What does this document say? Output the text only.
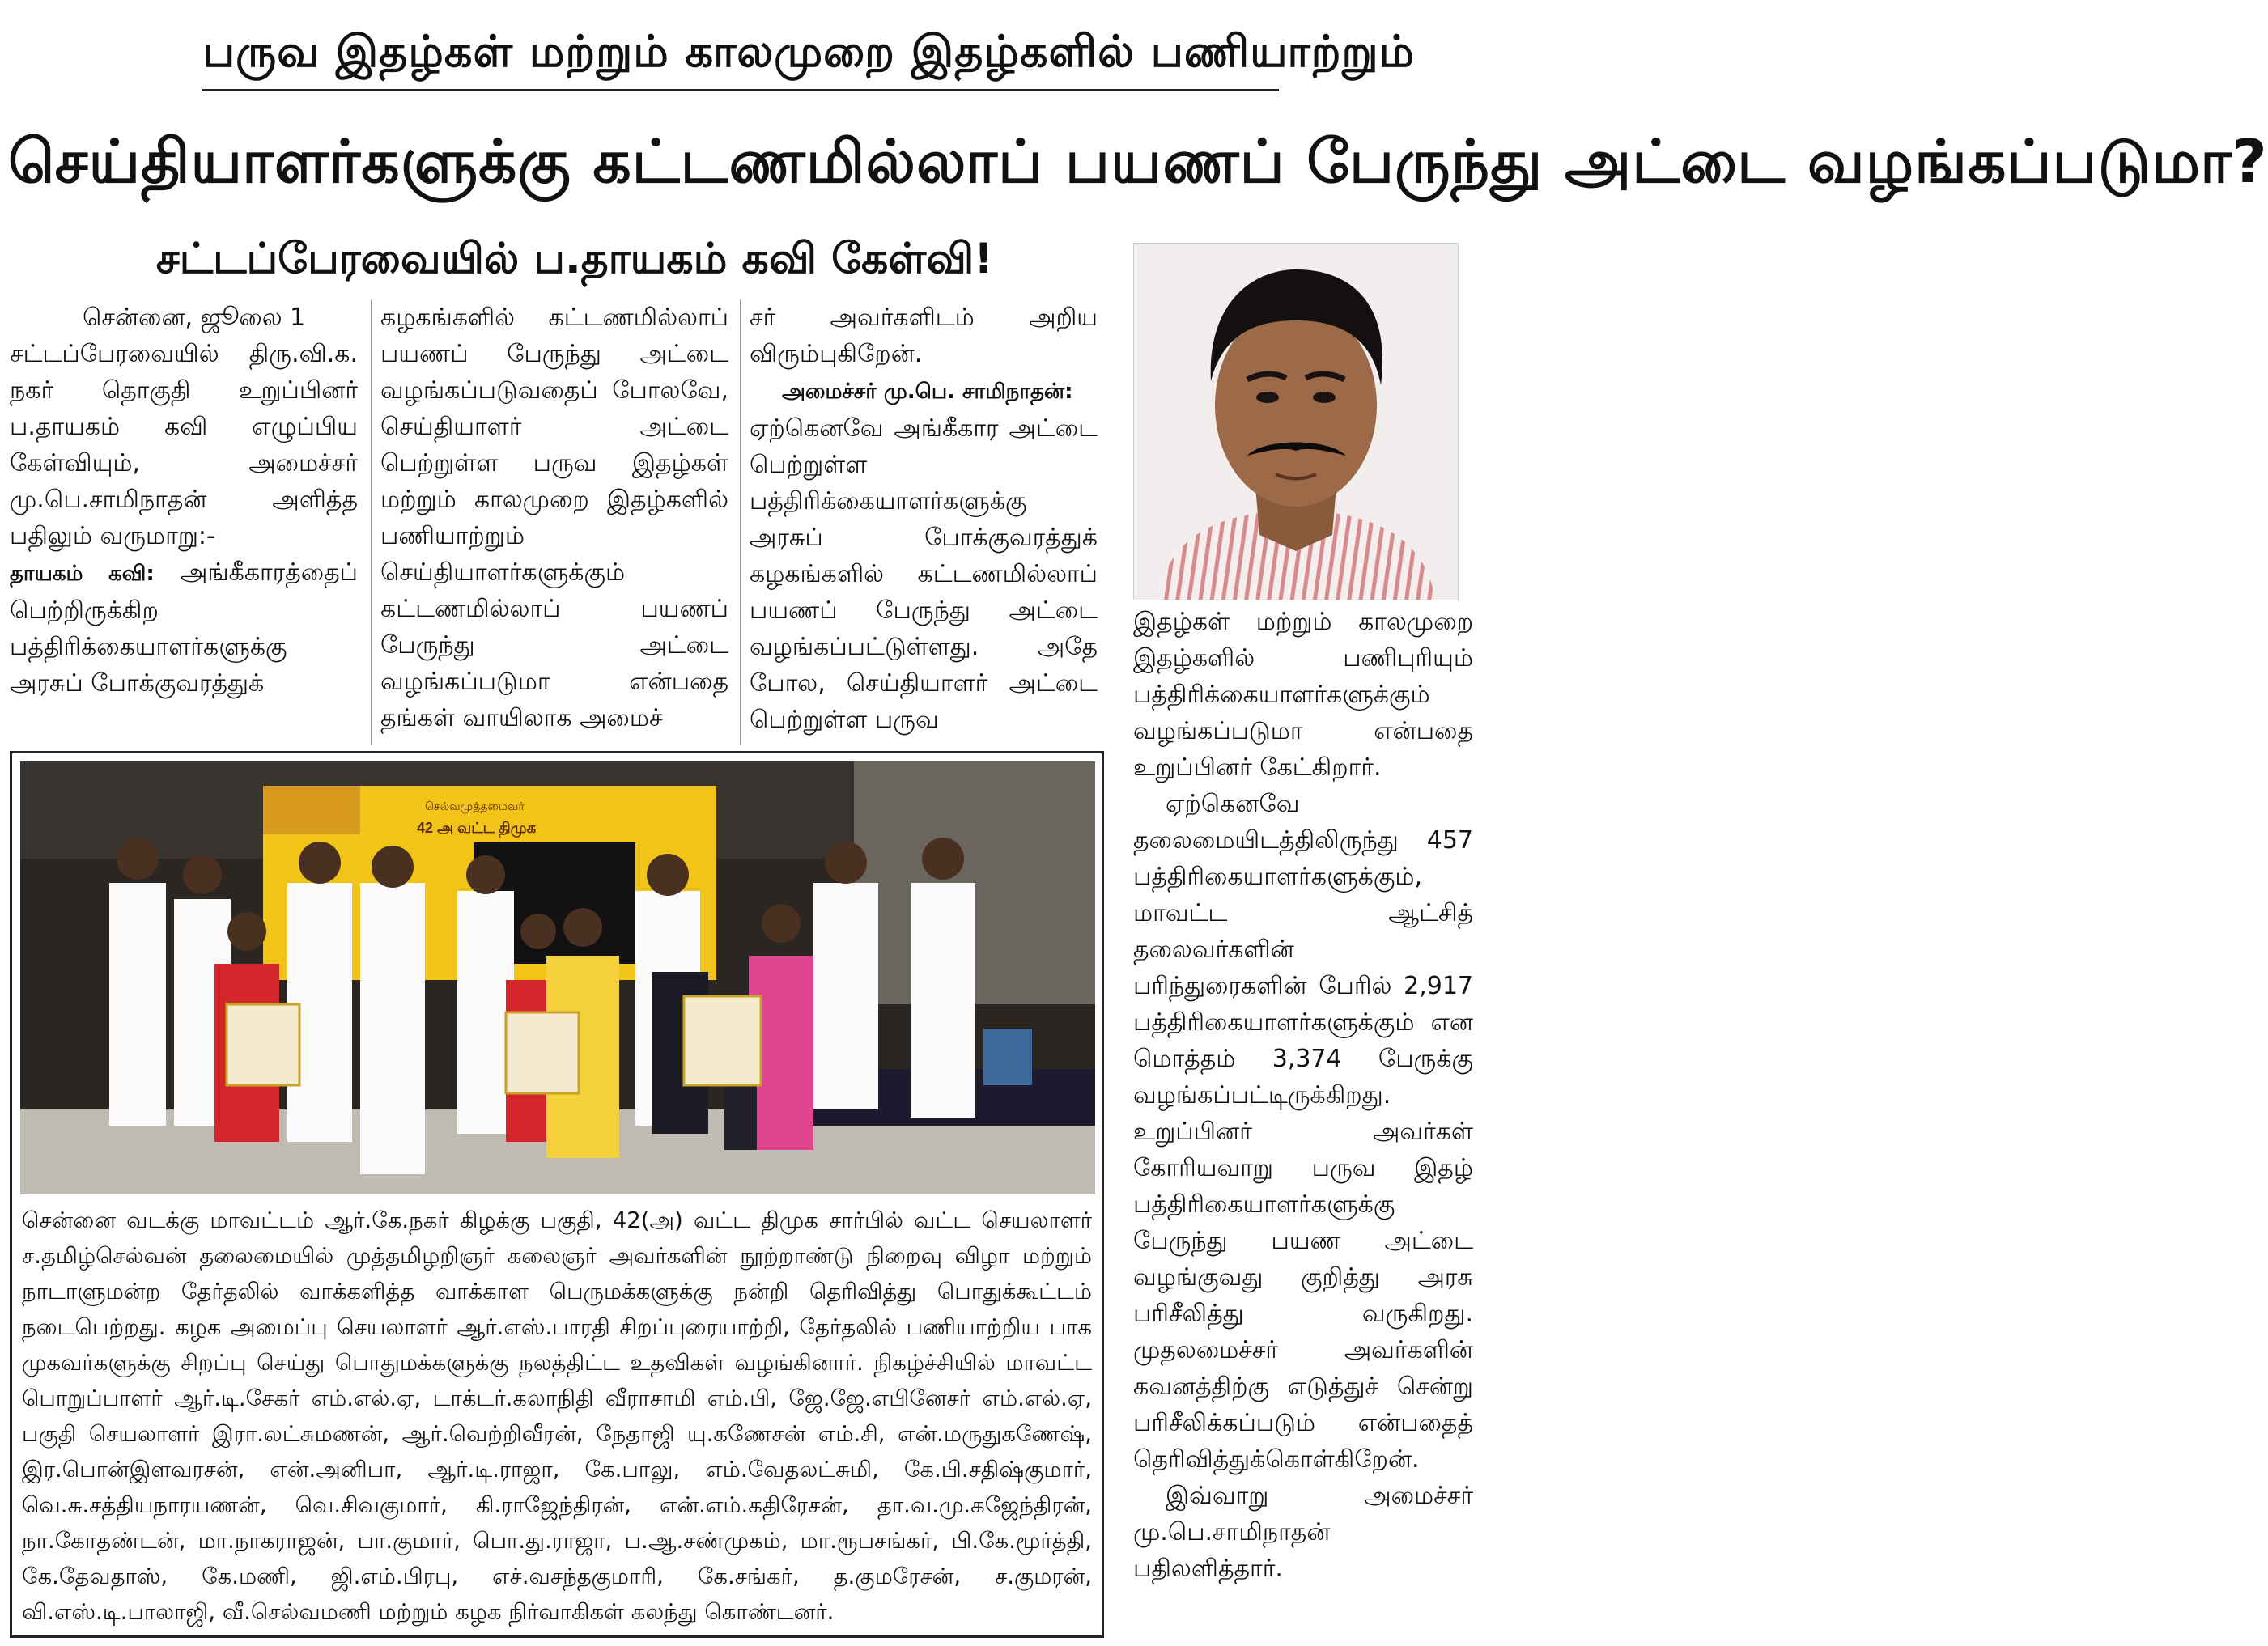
பருவ இதழ்கள் மற்றும் காலமுறை இதழ்களில் பணியாற்றும்
செய்தியாளர்களுக்கு கட்டணமில்லாப் பயணப் பேருந்து அட்டை வழங்கப்படுமா?
சட்டப்பேரவையில் ப.தாயகம் கவி கேள்வி!

சென்னை, ஜூலை 1

சட்டப்பேரவையில் திரு.வி.க. நகர் தொகுதி உறுப்பினர் ப.தாயகம் கவி எழுப்பிய கேள்வியும், அமைச்சர் மு.பெ.சாமிநாதன் அளித்த பதிலும் வருமாறு:-

தாயகம் கவி: அங்கீகாரத்தைப் பெற்றிருக்கிற பத்திரிக்கையாளர்களுக்கு அரசுப் போக்குவரத்துக்

கழகங்களில் கட்டணமில்லாப் பயணப் பேருந்து அட்டை வழங்கப்படுவதைப் போலவே, செய்தியாளர் அட்டை பெற்றுள்ள பருவ இதழ்கள் மற்றும் காலமுறை இதழ்களில் பணியாற்றும் செய்தியாளர்களுக்கும் கட்டணமில்லாப் பயணப் பேருந்து அட்டை வழங்கப்படுமா என்பதை தங்கள் வாயிலாக அமைச்

சர் அவர்களிடம் அறிய விரும்புகிறேன்.

அமைச்சர் மு.பெ. சாமிநாதன்:

ஏற்கெனவே அங்கீகார அட்டை பெற்றுள்ள பத்திரிக்கையாளர்களுக்கு அரசுப் போக்குவரத்துக் கழகங்களில் கட்டணமில்லாப் பயணப் பேருந்து அட்டை வழங்கப்பட்டுள்ளது. அதே போல, செய்தியாளர் அட்டை பெற்றுள்ள பருவ

இதழ்கள் மற்றும் காலமுறை இதழ்களில் பணிபுரியும் பத்திரிக்கையாளர்களுக்கும் வழங்கப்படுமா என்பதை உறுப்பினர் கேட்கிறார்.

ஏற்கெனவே தலைமையிடத்திலிருந்து 457 பத்திரிகையாளர்களுக்கும், மாவட்ட ஆட்சித் தலைவர்களின் பரிந்துரைகளின் பேரில் 2,917 பத்திரிகையாளர்களுக்கும் என மொத்தம் 3,374 பேருக்கு வழங்கப்பட்டிருக்கிறது. உறுப்பினர் அவர்கள் கோரியவாறு பருவ இதழ் பத்திரிகையாளர்களுக்கு பேருந்து பயண அட்டை வழங்குவது குறித்து அரசு பரிசீலித்து வருகிறது. முதலமைச்சர் அவர்களின் கவனத்திற்கு எடுத்துச் சென்று பரிசீலிக்கப்படும் என்பதைத் தெரிவித்துக்கொள்கிறேன்.

இவ்வாறு அமைச்சர் மு.பெ.சாமிநாதன் பதிலளித்தார்.

செல்வமுத்தமைவர்
42 அ வட்ட திமுக

சென்னை வடக்கு மாவட்டம் ஆர்.கே.நகர் கிழக்கு பகுதி, 42(அ) வட்ட திமுக சார்பில் வட்ட செயலாளர் ச.தமிழ்செல்வன் தலைமையில் முத்தமிழறிஞர் கலைஞர் அவர்களின் நூற்றாண்டு நிறைவு விழா மற்றும் நாடாளுமன்ற தேர்தலில் வாக்களித்த வாக்காள பெருமக்களுக்கு நன்றி தெரிவித்து பொதுக்கூட்டம் நடைபெற்றது. கழக அமைப்பு செயலாளர் ஆர்.எஸ்.பாரதி சிறப்புரையாற்றி, தேர்தலில் பணியாற்றிய பாக முகவர்களுக்கு சிறப்பு செய்து பொதுமக்களுக்கு நலத்திட்ட உதவிகள் வழங்கினார். நிகழ்ச்சியில் மாவட்ட பொறுப்பாளர் ஆர்.டி.சேகர் எம்.எல்.ஏ, டாக்டர்.கலாநிதி வீராசாமி எம்.பி, ஜே.ஜே.எபினேசர் எம்.எல்.ஏ, பகுதி செயலாளர் இரா.லட்சுமணன், ஆர்.வெற்றிவீரன், நேதாஜி யு.கணேசன் எம்.சி, என்.மருதுகணேஷ், இர.பொன்இளவரசன், என்.அனிபா, ஆர்.டி.ராஜா, கே.பாலு, எம்.வேதலட்சுமி, கே.பி.சதிஷ்குமார், வெ.சு.சத்தியநாரயணன், வெ.சிவகுமார், கி.ராஜேந்திரன், என்.எம்.கதிரேசன், தா.வ.மு.கஜேந்திரன், நா.கோதண்டன், மா.நாகராஜன், பா.குமார், பொ.து.ராஜா, ப.ஆ.சண்முகம், மா.ரூபசங்கர், பி.கே.மூர்த்தி, கே.தேவதாஸ், கே.மணி, ஜி.எம்.பிரபு, எச்.வசந்தகுமாரி, கே.சங்கர், த.குமரேசன், ச.குமரன், வி.எஸ்.டி.பாலாஜி, வீ.செல்வமணி மற்றும் கழக நிர்வாகிகள் கலந்து கொண்டனர்.
